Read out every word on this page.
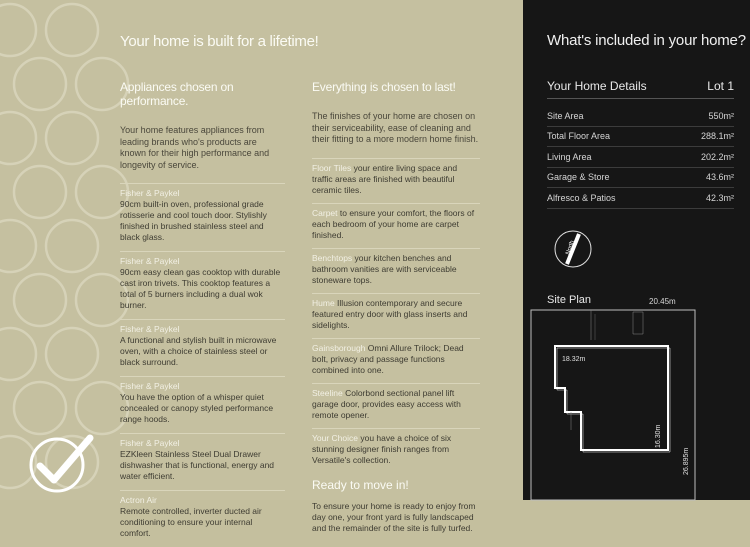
Your home is built for a lifetime!
Appliances chosen on performance.

Your home features appliances from leading brands who's products are known for their high performance and longevity of service.

Fisher & Paykel
90cm built-in oven, professional grade rotisserie and cool touch door. Stylishly finished in brushed stainless steel and black glass.
Fisher & Paykel
90cm easy clean gas cooktop with durable cast iron trivets. This cooktop features a total of 5 burners including a dual wok burner.
Fisher & Paykel
A functional and stylish built in microwave oven, with a choice of stainless steel or black surround.
Fisher & Paykel
You have the option of a whisper quiet concealed or canopy styled performance range hoods.
Fisher & Paykel
EZKleen Stainless Steel Dual Drawer dishwasher that is functional, energy and water efficient.
Actron Air
Remote controlled, inverter ducted air conditioning to ensure your internal comfort.
Everything is chosen to last!

The finishes of your home are chosen on their serviceability, ease of cleaning and their fitting to a more modern home finish.

Floor Tiles your entire living space and traffic areas are finished with beautiful ceramic tiles.
Carpet to ensure your comfort, the floors of each bedroom of your home are carpet finished.
Benchtops your kitchen benches and bathroom vanities are with serviceable stoneware tops.
Hume Illusion contemporary and secure featured entry door with glass inserts and sidelights.
Gainsborough Omni Allure Trilock; Dead bolt, privacy and passage functions combined into one.
Steeline Colorbond sectional panel lift garage door, provides easy access with remote opener.
Your Choice you have a choice of six stunning designer finish ranges from Versatile's collection.
Ready to move in!

To ensure your home is ready to enjoy from day one, your front yard is fully landscaped and the remainder of the site is fully turfed.

What's included in your home?
Your Home Details	Lot 1
Site Area	550m²
Total Floor Area	288.1m²
Living Area	202.2m²
Garage & Store	43.6m²
Alfresco & Patios	42.3m²
North
Site Plan	20.45m
18.32m
16.30m
26.895m
